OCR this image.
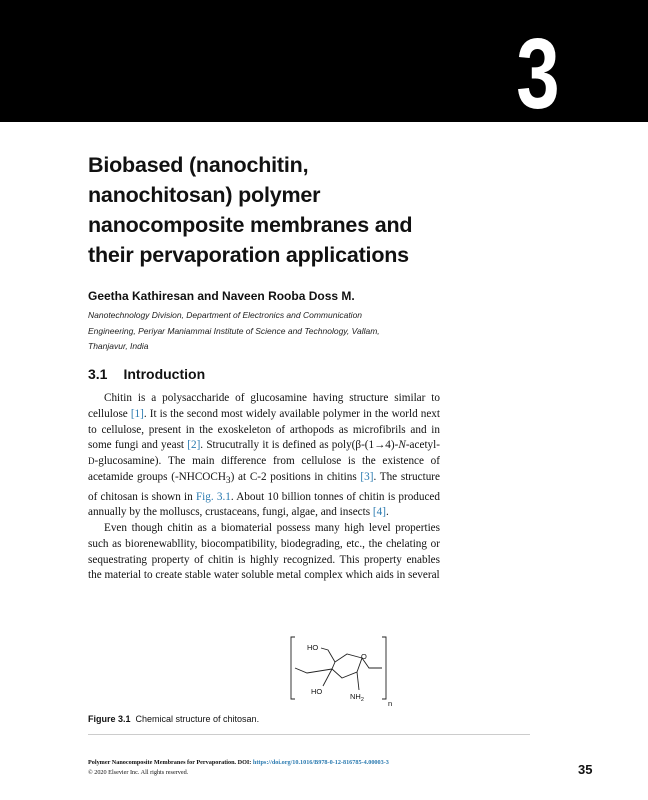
3
Biobased (nanochitin,
nanochitosan) polymer
nanocomposite membranes and
their pervaporation applications
Geetha Kathiresan and Naveen Rooba Doss M.
Nanotechnology Division, Department of Electronics and Communication
Engineering, Periyar Maniammai Institute of Science and Technology, Vallam,
Thanjavur, India
3.1 Introduction

Chitin is a polysaccharide of glucosamine having structure similar to cellulose [1]. It is the second most widely available polymer in the world next to cellulose, present in the exoskeleton of arthopods as microfibrils and in some fungi and yeast [2]. Strucutrally it is defined as poly(β-(1→4)-N-acetyl-D-glucosamine). The main difference from cellulose is the existence of acetamide groups $(-NHCOCH_3)$ at C-2 positions in chitins [3]. The structure of chitosan is shown in Fig. 3.1. About 10 billion tonnes of chitin is produced annually by the molluscs, crustaceans, fungi, algae, and insects [4].

Even though chitin as a biomaterial possess many high level properties such as biorenewabllity, biocompatibility, biodegrading, etc., the chelating or sequestrating property of chitin is highly recognized. This property enables the material to create stable water soluble metal complex which aids in several

HO
HO
O
$NH_2$	n
Figure 3.1 Chemical structure of chitosan.
Polymer Nanocomposite Membranes for Pervaporation. DOI: https://doi.org/10.1016/B978-0-12-816785-4.00003-3
© 2020 Elsevier Inc. All rights reserved.	35
